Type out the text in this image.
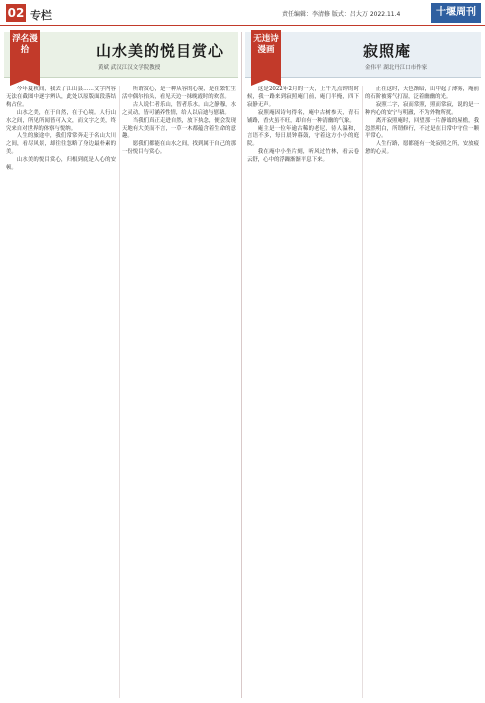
02 专栏	责任编辑：李清修 版式：吕大万 2022.11.4	十堰周刊
浮名漫拾	山水美的悦目赏心
黄斌 武汉江汉文学院教授

今年夏秋间，我去了江山县……文字内容无法在截图中逐字辨认，此处以原版面段落结构占位。

山水之美，在于自然，在于心境。人行山水之间，所见所闻皆可入文，而文字之美，终究来自对世界的体察与悦纳。

人生的旅途中，我们常常奔走于名山大川之间，看尽风景，却往往忽略了身边最朴素的美。

山水美的悦目赏心，归根到底是人心的安顿。

所谓赏心，是一种从容的心境，是在繁忙生活中偶尔抬头，看见天边一抹晚霞时的欢喜。

古人说仁者乐山，智者乐水。山之静穆，水之灵动，皆可涵养性情，给人以启迪与慰藉。

当我们真正走进自然，放下执念，便会发现天地有大美而不言，一草一木都蕴含着生命的意趣。

愿我们都能在山水之间，找到属于自己的那一份悦目与赏心。

无违诗漫画	寂照庵
金伟平 湖北丹江口市作家

这是2022年2月的一天，上午九点钟的时候，我一路来到寂照庵门前，庵门半掩，四下寂静无声。

寂照庵因诗句得名，庵中古树参天，青石铺路，香火虽不旺，却自有一种清幽的气象。

庵主是一位年逾古稀的老尼，待人温和，言语不多，每日晨钟暮鼓，守着这方小小的庭院。

我在庵中小坐片刻，听风过竹林，看云卷云舒，心中的浮躁渐渐平息下来。

正在这时，天色渐暗，山中起了薄雾，庵前的石阶被雾气打湿，泛着幽幽的光。

寂照二字，寂而常照，照而常寂，说的是一种内心的安宁与明澈，不为外物所扰。

离开寂照庵时，回望那一片静谧的屋檐，我忽然明白，所谓修行，不过是在日常中守住一颗平常心。

人生行路，愿都能有一处寂照之所，安放疲惫的心灵。
